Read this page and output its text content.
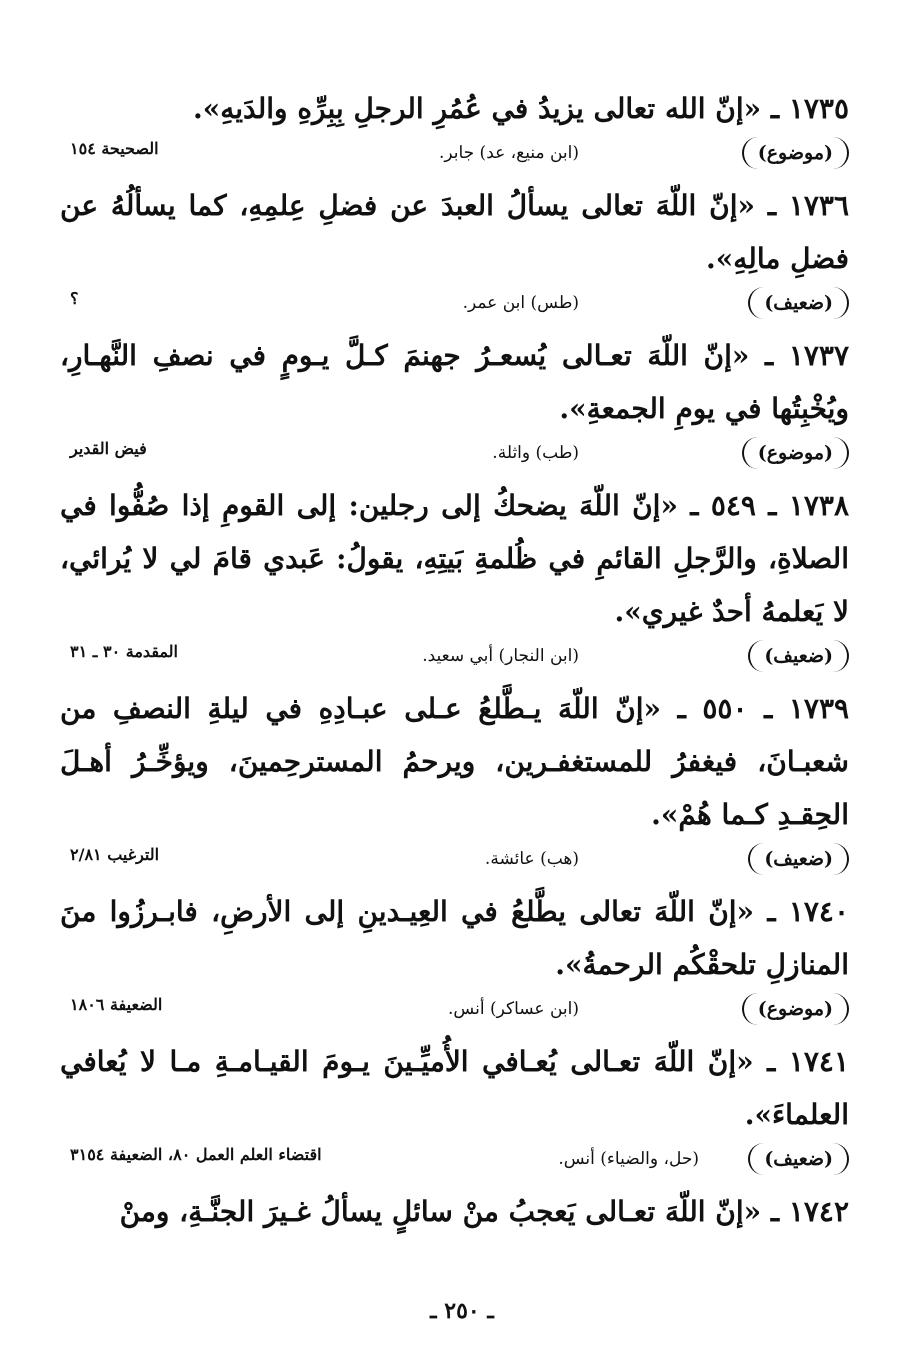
١٧٣٥ ـ «إنّ الله تعالى يزيدُ في عُمُرِ الرجلِ بِبِرِّهِ والدَيهِ».

(موضوع)
(ابن منيع، عد) جابر.
الصحيحة ١٥٤

١٧٣٦ ـ «إنّ اللّهَ تعالى يسألُ العبدَ عن فضلِ عِلمِهِ، كما يسألُهُ عن فضلِ مالِهِ».

(ضعيف)
(طس) ابن عمر.
؟

١٧٣٧ ـ «إنّ اللّهَ تعـالى يُسعـرُ جهنمَ كـلَّ يـومٍ في نصفِ النَّهـارِ، ويُخْبِتُها في يومِ الجمعةِ».

(موضوع)
(طب) واثلة.
فيض القدير

١٧٣٨ ـ ٥٤٩ ـ «إنّ اللّهَ يضحكُ إلى رجلين: إلى القومِ إذا صُفُّوا في الصلاةِ، والرَّجلِ القائمِ في ظُلمةِ بَيتِهِ، يقولُ: عَبدي قامَ لي لا يُرائي، لا يَعلمهُ أحدٌ غيري».

(ضعيف)
(ابن النجار) أبي سعيد.
المقدمة ٣٠ ـ ٣١

١٧٣٩ ـ ٥٥٠ ـ «إنّ اللّهَ يـطَّلعُ عـلى عبـادِهِ في ليلةِ النصفِ من شعبـانَ، فيغفرُ للمستغفـرين، ويرحمُ المسترحِمينَ، ويؤخِّـرُ أهـلَ الحِقـدِ كـما هُمْ».

(ضعيف)
(هب) عائشة.
الترغيب ٢/٨١

١٧٤٠ ـ «إنّ اللّهَ تعالى يطَّلعُ في العِيـدينِ إلى الأرضِ، فابـرزُوا منَ المنازلِ تلحقْكُم الرحمةُ».

(موضوع)
(ابن عساكر) أنس.
الضعيفة ١٨٠٦

١٧٤١ ـ «إنّ اللّهَ تعـالى يُعـافي الأُميِّـينَ يـومَ القيـامـةِ مـا لا يُعافي العلماءَ».

(ضعيف)
(حل، والضياء) أنس.
اقتضاء العلم العمل ٨٠، الضعيفة ٣١٥٤

١٧٤٢ ـ «إنّ اللّهَ تعـالى يَعجبُ منْ سائلٍ يسألُ غـيرَ الجنَّـةِ، ومنْ

ـ ٢٥٠ ـ
